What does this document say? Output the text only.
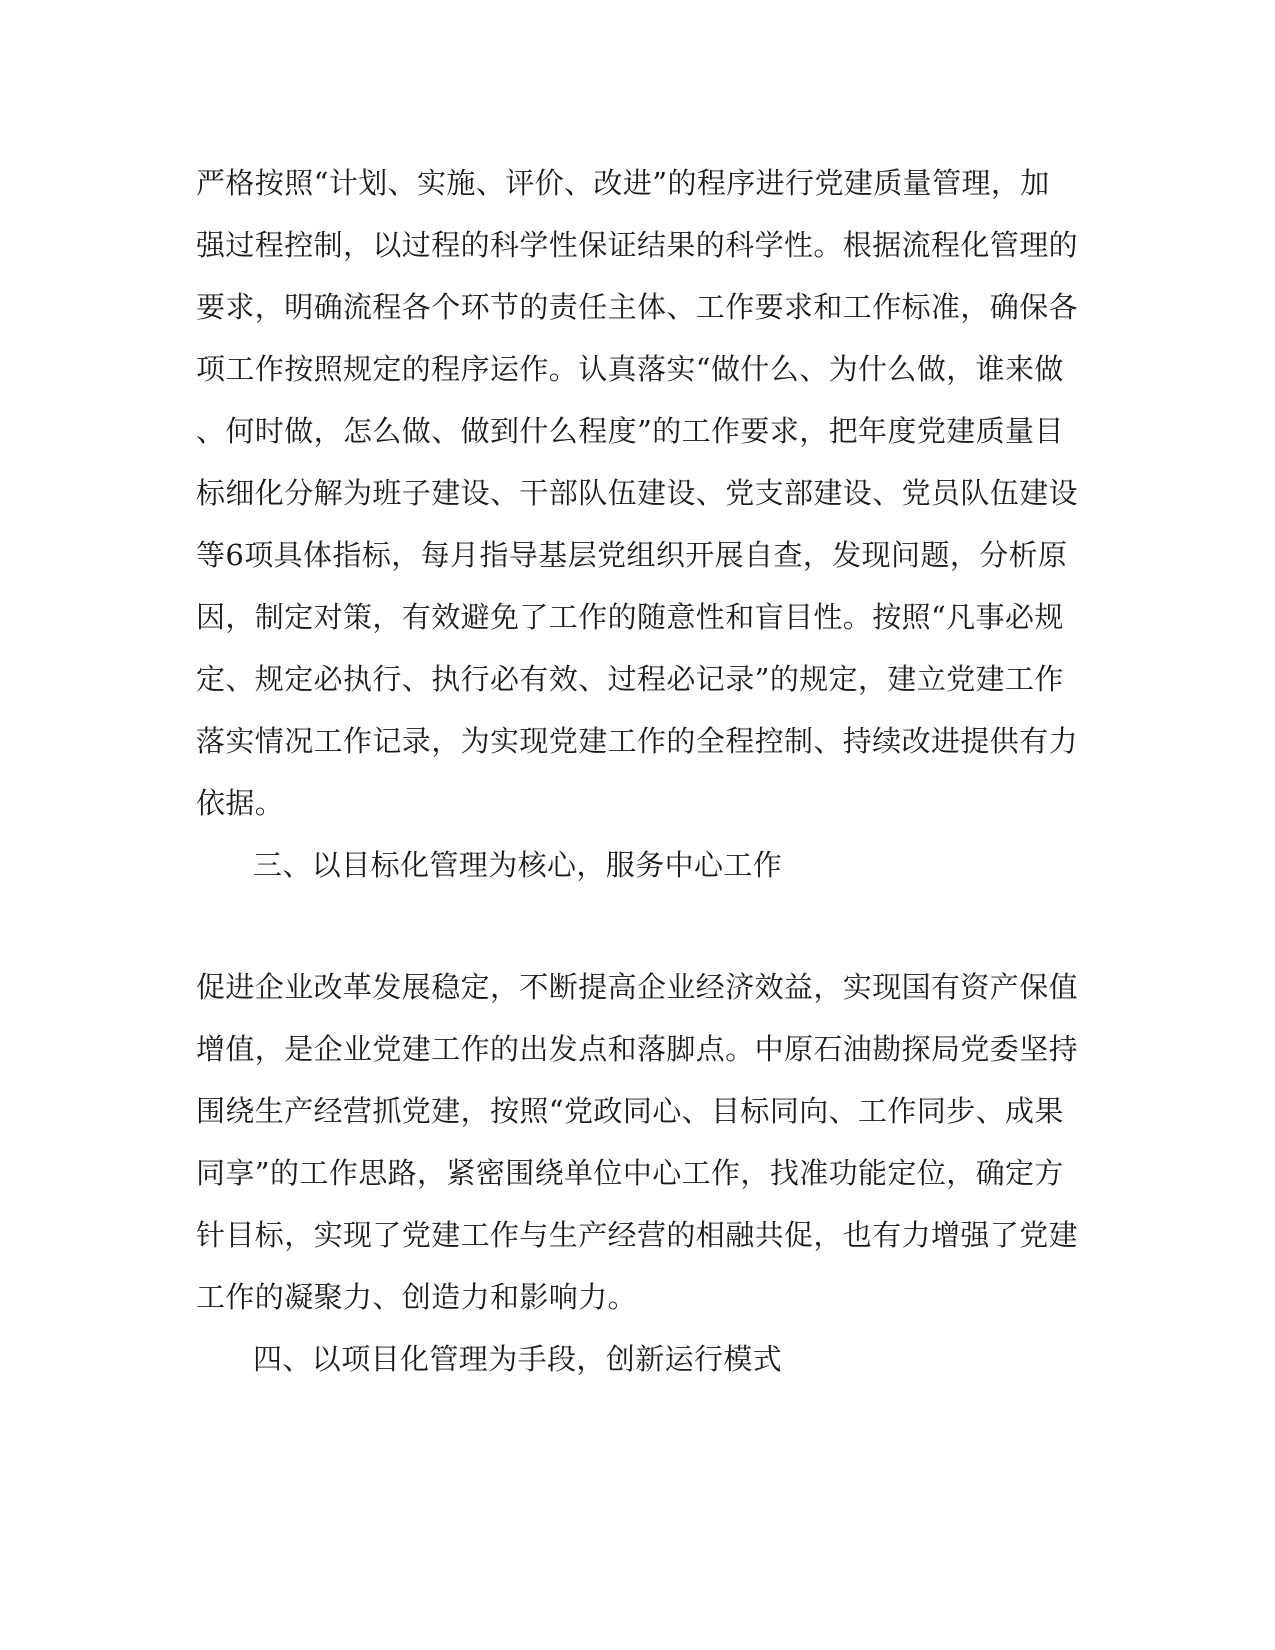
严格按照“计划、实施、评价、改进”的程序进行党建质量管理，加
强过程控制，以过程的科学性保证结果的科学性。根据流程化管理的
要求，明确流程各个环节的责任主体、工作要求和工作标准，确保各
项工作按照规定的程序运作。认真落实“做什么、为什么做，谁来做
、何时做，怎么做、做到什么程度”的工作要求，把年度党建质量目
标细化分解为班子建设、干部队伍建设、党支部建设、党员队伍建设
等6项具体指标，每月指导基层党组织开展自查，发现问题，分析原
因，制定对策，有效避免了工作的随意性和盲目性。按照“凡事必规
定、规定必执行、执行必有效、过程必记录”的规定，建立党建工作
落实情况工作记录，为实现党建工作的全程控制、持续改进提供有力
依据。
三、以目标化管理为核心，服务中心工作
促进企业改革发展稳定，不断提高企业经济效益，实现国有资产保值
增值，是企业党建工作的出发点和落脚点。中原石油勘探局党委坚持
围绕生产经营抓党建，按照“党政同心、目标同向、工作同步、成果
同享”的工作思路，紧密围绕单位中心工作，找准功能定位，确定方
针目标，实现了党建工作与生产经营的相融共促，也有力增强了党建
工作的凝聚力、创造力和影响力。
四、以项目化管理为手段，创新运行模式
